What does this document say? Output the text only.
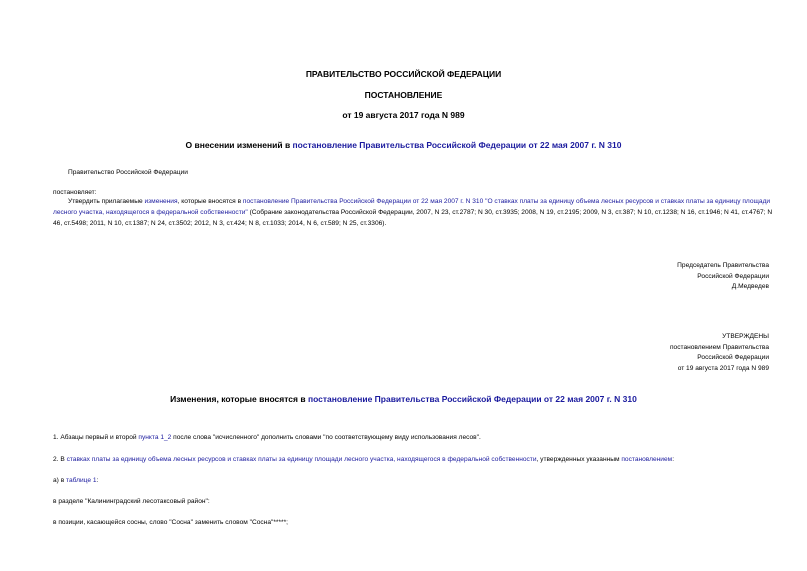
ПРАВИТЕЛЬСТВО РОССИЙСКОЙ ФЕДЕРАЦИИ
ПОСТАНОВЛЕНИЕ
от 19 августа 2017 года N 989
О внесении изменений в постановление Правительства Российской Федерации от 22 мая 2007 г. N 310
Правительство Российской Федерации
постановляет:
Утвердить прилагаемые изменения, которые вносятся в постановление Правительства Российской Федерации от 22 мая 2007 г. N 310 "О ставках платы за единицу объема лесных ресурсов и ставках платы за единицу площади лесного участка, находящегося в федеральной собственности" (Собрание законодательства Российской Федерации, 2007, N 23, ст.2787; N 30, ст.3935; 2008, N 19, ст.2195; 2009, N 3, ст.387; N 10, ст.1238; N 16, ст.1946; N 41, ст.4767; N 46, ст.5498; 2011, N 10, ст.1387; N 24, ст.3502; 2012, N 3, ст.424; N 8, ст.1033; 2014, N 6, ст.589; N 25, ст.3306).
Председатель Правительства
Российской Федерации
Д.Медведев
УТВЕРЖДЕНЫ
постановлением Правительства
Российской Федерации
от 19 августа 2017 года N 989
Изменения, которые вносятся в постановление Правительства Российской Федерации от 22 мая 2007 г. N 310
1. Абзацы первый и второй пункта 1_2 после слова "исчисленного" дополнить словами "по соответствующему виду использования лесов".
2. В ставках платы за единицу объема лесных ресурсов и ставках платы за единицу площади лесного участка, находящегося в федеральной собственности, утвержденных указанным постановлением:
а) в таблице 1:
в разделе "Калининградский лесотаксовый район":
в позиции, касающейся сосны, слово "Сосна" заменить словом "Сосна"*****;
